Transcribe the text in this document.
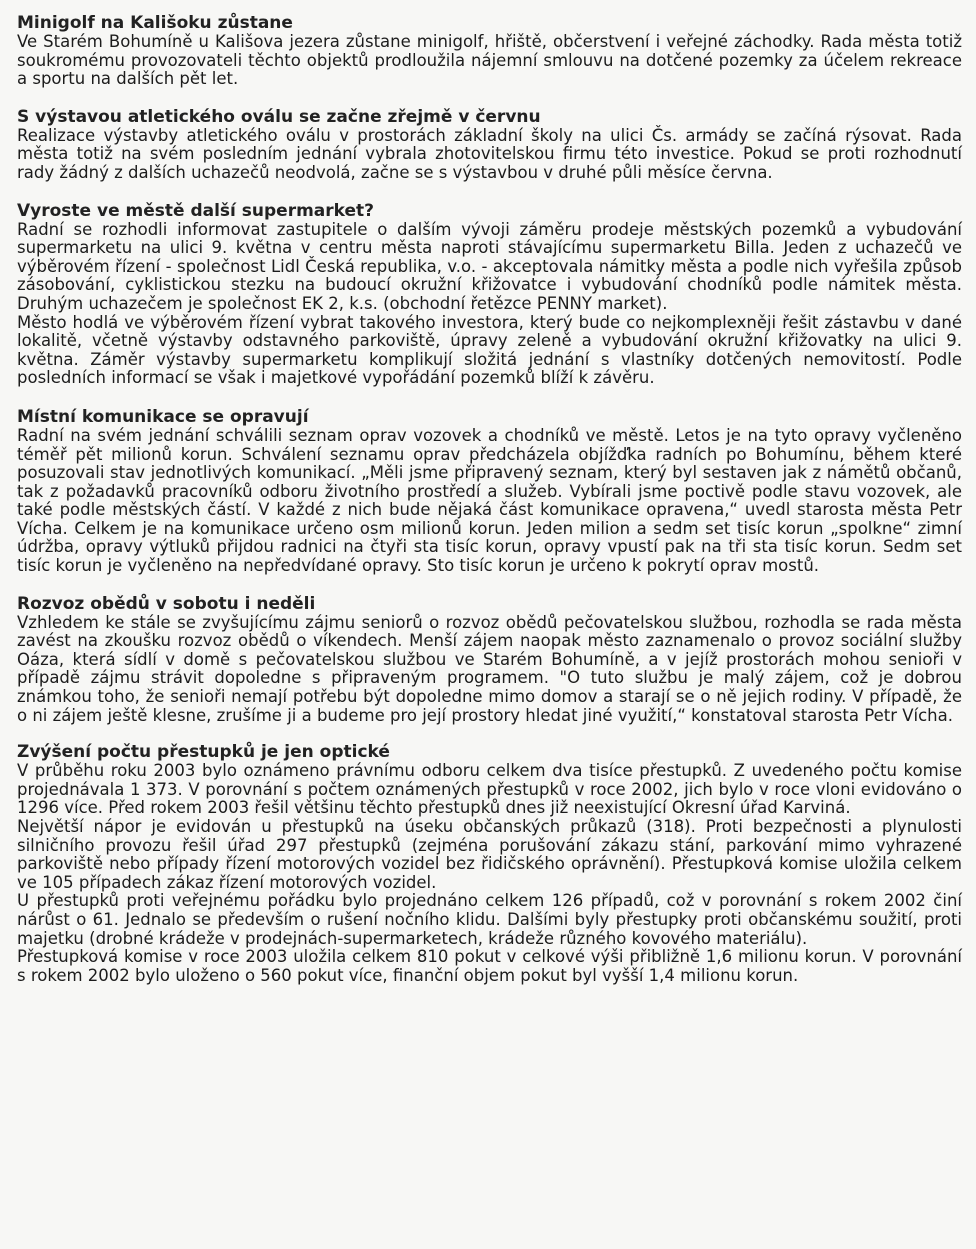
Minigolf na Kališoku zůstane

Ve Starém Bohumíně u Kališova jezera zůstane minigolf, hřiště, občerstvení i veřejné záchodky. Rada města totiž soukromému provozovateli těchto objektů prodloužila nájemní smlouvu na dotčené pozemky za účelem rekreace a sportu na dalších pět let.

S výstavou atletického oválu se začne zřejmě v červnu

Realizace výstavby atletického oválu v prostorách základní školy na ulici Čs. armády se začíná rýsovat. Rada města totiž na svém posledním jednání vybrala zhotovitelskou firmu této investice. Pokud se proti rozhodnutí rady žádný z dalších uchazečů neodvolá, začne se s výstavbou v druhé půli měsíce června.

Vyroste ve městě další supermarket?

Radní se rozhodli informovat zastupitele o dalším vývoji záměru prodeje městských pozemků a vybudování supermarketu na ulici 9. května v centru města naproti stávajícímu supermarketu Billa. Jeden z uchazečů ve výběrovém řízení - společnost Lidl Česká republika, v.o. - akceptovala námitky města a podle nich vyřešila způsob zásobování, cyklistickou stezku na budoucí okružní křižovatce i vybudování chodníků podle námitek města. Druhým uchazečem je společnost EK 2, k.s. (obchodní řetězce PENNY market).

Město hodlá ve výběrovém řízení vybrat takového investora, který bude co nejkomplexněji řešit zástavbu v dané lokalitě, včetně výstavby odstavného parkoviště, úpravy zeleně a vybudování okružní křižovatky na ulici 9. května. Záměr výstavby supermarketu komplikují složitá jednání s vlastníky dotčených nemovitostí. Podle posledních informací se však i majetkové vypořádání pozemků blíží k závěru.

Místní komunikace se opravují

Radní na svém jednání schválili seznam oprav vozovek a chodníků ve městě. Letos je na tyto opravy vyčleněno téměř pět milionů korun. Schválení seznamu oprav předcházela objížďka radních po Bohumínu, během které posuzovali stav jednotlivých komunikací. „Měli jsme připravený seznam, který byl sestaven jak z námětů občanů, tak z požadavků pracovníků odboru životního prostředí a služeb. Vybírali jsme poctivě podle stavu vozovek, ale také podle městských částí. V každé z nich bude nějaká část komunikace opravena,“ uvedl starosta města Petr Vícha. Celkem je na komunikace určeno osm milionů korun. Jeden milion a sedm set tisíc korun „spolkne“ zimní údržba, opravy výtluků přijdou radnici na čtyři sta tisíc korun, opravy vpustí pak na tři sta tisíc korun. Sedm set tisíc korun je vyčleněno na nepředvídané opravy. Sto tisíc korun je určeno k pokrytí oprav mostů.

Rozvoz obědů v sobotu i neděli

Vzhledem ke stále se zvyšujícímu zájmu seniorů o rozvoz obědů pečovatelskou službou, rozhodla se rada města zavést na zkoušku rozvoz obědů o víkendech. Menší zájem naopak město zaznamenalo o provoz sociální služby Oáza, která sídlí v domě s pečovatelskou službou ve Starém Bohumíně, a v jejíž prostorách mohou senioři v případě zájmu strávit dopoledne s připraveným programem. "O tuto službu je malý zájem, což je dobrou známkou toho, že senioři nemají potřebu být dopoledne mimo domov a starají se o ně jejich rodiny. V případě, že o ni zájem ještě klesne, zrušíme ji a budeme pro její prostory hledat jiné využití,“ konstatoval starosta Petr Vícha.

Zvýšení počtu přestupků je jen optické

V průběhu roku 2003 bylo oznámeno právnímu odboru celkem dva tisíce přestupků. Z uvedeného počtu komise projednávala 1 373. V porovnání s počtem oznámených přestupků v roce 2002, jich bylo v roce vloni evidováno o 1296 více. Před rokem 2003 řešil většinu těchto přestupků dnes již neexistující Okresní úřad Karviná.

Největší nápor je evidován u přestupků na úseku občanských průkazů (318). Proti bezpečnosti a plynulosti silničního provozu řešil úřad 297 přestupků (zejména porušování zákazu stání, parkování mimo vyhrazené parkoviště nebo případy řízení motorových vozidel bez řidičského oprávnění). Přestupková komise uložila celkem ve 105 případech zákaz řízení motorových vozidel.

U přestupků proti veřejnému pořádku bylo projednáno celkem 126 případů, což v porovnání s rokem 2002 činí nárůst o 61. Jednalo se především o rušení nočního klidu. Dalšími byly přestupky proti občanskému soužití, proti majetku (drobné krádeže v prodejnách-supermarketech, krádeže různého kovového materiálu).

Přestupková komise v roce 2003 uložila celkem 810 pokut v celkové výši přibližně 1,6 milionu korun. V porovnání s rokem 2002 bylo uloženo o 560 pokut více, finanční objem pokut byl vyšší 1,4 milionu korun.
